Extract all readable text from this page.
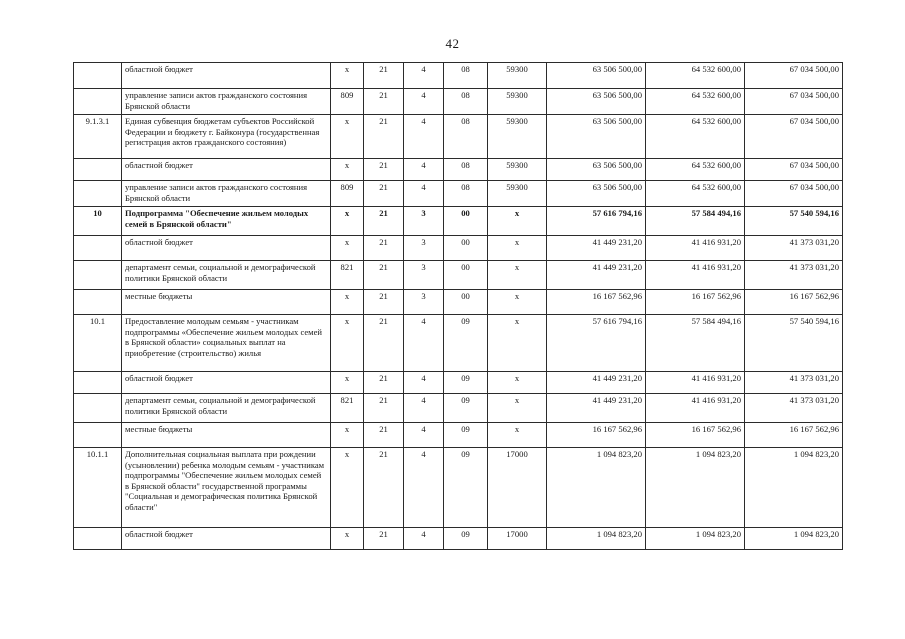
42
	областной бюджет	x	21	4	08	59300	63 506 500,00	64 532 600,00	67 034 500,00
	управление записи актов гражданского состояния Брянской области	809	21	4	08	59300	63 506 500,00	64 532 600,00	67 034 500,00
9.1.3.1	Единая субвенция бюджетам субъектов Российской Федерации и бюджету г. Байконура (государственная регистрация актов гражданского состояния)	x	21	4	08	59300	63 506 500,00	64 532 600,00	67 034 500,00
	областной бюджет	x	21	4	08	59300	63 506 500,00	64 532 600,00	67 034 500,00
	управление записи актов гражданского состояния Брянской области	809	21	4	08	59300	63 506 500,00	64 532 600,00	67 034 500,00
10	Подпрограмма "Обеспечение жильем молодых семей в Брянской области"	x	21	3	00	x	57 616 794,16	57 584 494,16	57 540 594,16
	областной бюджет	x	21	3	00	x	41 449 231,20	41 416 931,20	41 373 031,20
	департамент семьи, социальной и демографической политики Брянской области	821	21	3	00	x	41 449 231,20	41 416 931,20	41 373 031,20
	местные бюджеты	x	21	3	00	x	16 167 562,96	16 167 562,96	16 167 562,96
10.1	Предоставление молодым семьям - участникам подпрограммы «Обеспечение жильем молодых семей в Брянской области» социальных выплат на приобретение (строительство) жилья	x	21	4	09	x	57 616 794,16	57 584 494,16	57 540 594,16
	областной бюджет	x	21	4	09	x	41 449 231,20	41 416 931,20	41 373 031,20
	департамент семьи, социальной и демографической политики Брянской области	821	21	4	09	x	41 449 231,20	41 416 931,20	41 373 031,20
	местные бюджеты	x	21	4	09	x	16 167 562,96	16 167 562,96	16 167 562,96
10.1.1	Дополнительная социальная выплата при рождении (усыновлении) ребенка молодым семьям - участникам подпрограммы "Обеспечение жильем молодых семей в Брянской области" государственной программы "Социальная и демографическая политика Брянской области"	x	21	4	09	17000	1 094 823,20	1 094 823,20	1 094 823,20
	областной бюджет	x	21	4	09	17000	1 094 823,20	1 094 823,20	1 094 823,20
